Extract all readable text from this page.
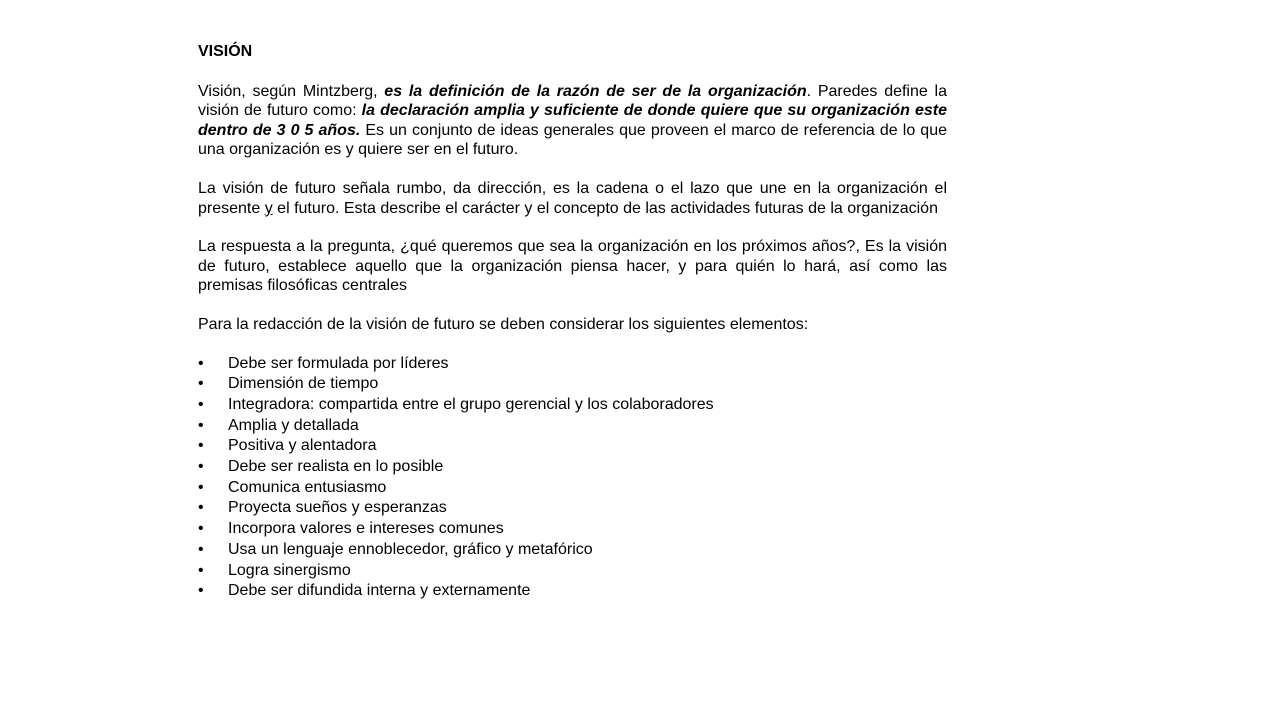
VISIÓN

Visión, según Mintzberg, es la definición de la razón de ser de la organización. Paredes define la visión de futuro como: la declaración amplia y suficiente de donde quiere que su organización este dentro de 3 0 5 años. Es un conjunto de ideas generales que proveen el marco de referencia de lo que una organización es y quiere ser en el futuro.

La visión de futuro señala rumbo, da dirección, es la cadena o el lazo que une en la organización el presente y el futuro. Esta describe el carácter y el concepto de las actividades futuras de la organización

La respuesta a la pregunta, ¿qué queremos que sea la organización en los próximos años?, Es la visión de futuro, establece aquello que la organización piensa hacer, y para quién lo hará, así como las premisas filosóficas centrales

Para la redacción de la visión de futuro se deben considerar los siguientes elementos:

• Debe ser formulada por líderes
• Dimensión de tiempo
• Integradora: compartida entre el grupo gerencial y los colaboradores
• Amplia y detallada
• Positiva y alentadora
• Debe ser realista en lo posible
• Comunica entusiasmo
• Proyecta sueños y esperanzas
• Incorpora valores e intereses comunes
• Usa un lenguaje ennoblecedor, gráfico y metafórico
• Logra sinergismo
• Debe ser difundida interna y externamente
